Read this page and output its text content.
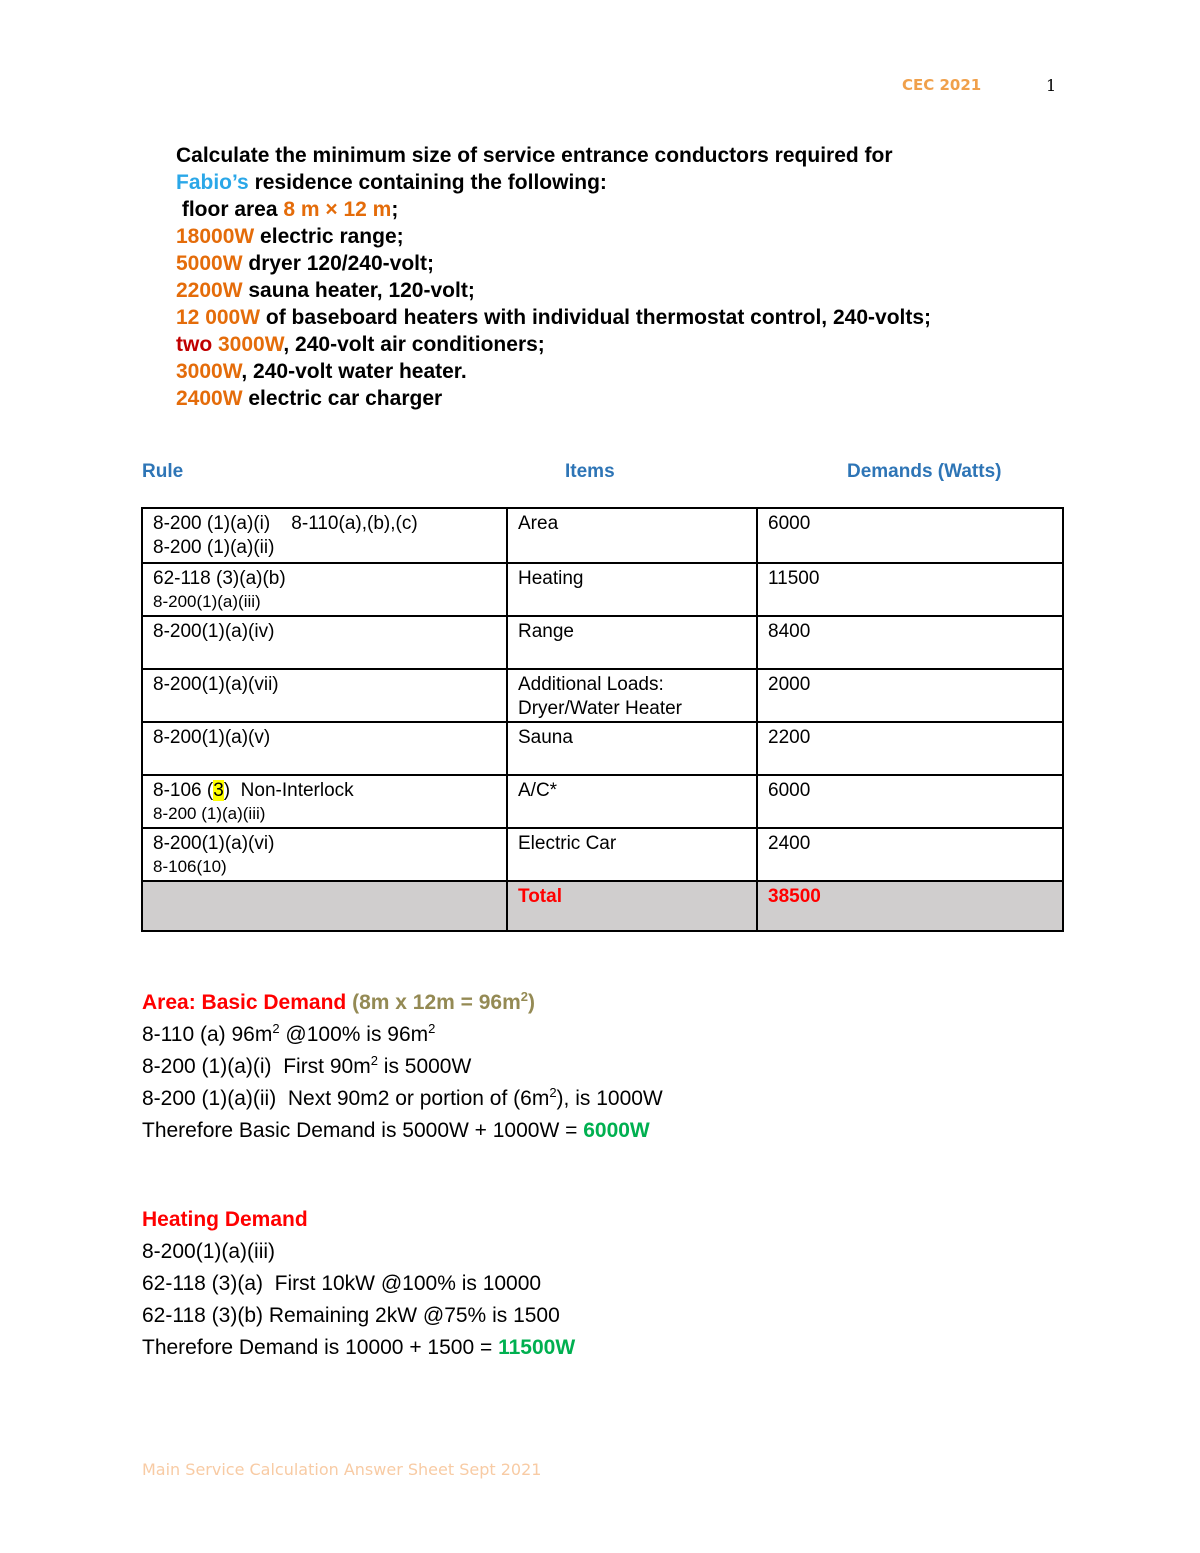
CEC 2021	1
Calculate the minimum size of service entrance conductors required for
Fabio’s residence containing the following:
floor area 8 m × 12 m;
18000W electric range;
5000W dryer 120/240-volt;
2200W sauna heater, 120-volt;
12 000W of baseboard heaters with individual thermostat control, 240-volts;
two 3000W, 240-volt air conditioners;
3000W, 240-volt water heater.
2400W electric car charger
Rule	Items	Demands (Watts)
8-200 (1)(a)(i)    8-110(a),(b),(c)
8-200 (1)(a)(ii)	Area	6000

62-118 (3)(a)(b)
8-200(1)(a)(iii)	Heating	11500

8-200(1)(a)(iv)	Range	8400

8-200(1)(a)(vii)	Additional Loads:
Dryer/Water Heater	2000

8-200(1)(a)(v)	Sauna	2200

8-106 (3)  Non-Interlock
8-200 (1)(a)(iii)	A/C*	6000

8-200(1)(a)(vi)
8-106(10)	Electric Car	2400
	Total	38500
Area: Basic Demand (8m x $12m = 96m^2$)
8-110 (a) $96m^2$ @100% is $96m^2$
8-200 (1)(a)(i)  First $90m^2$ is 5000W
8-200 (1)(a)(ii)  Next 90m2 or portion of $(6m^2)$, is 1000W
Therefore Basic Demand is 5000W + 1000W = 6000W
Heating Demand
8-200(1)(a)(iii)
62-118 (3)(a)  First 10kW @100% is 10000
62-118 (3)(b) Remaining 2kW @75% is 1500
Therefore Demand is 10000 + 1500 = 11500W
Main Service Calculation Answer Sheet Sept 2021
